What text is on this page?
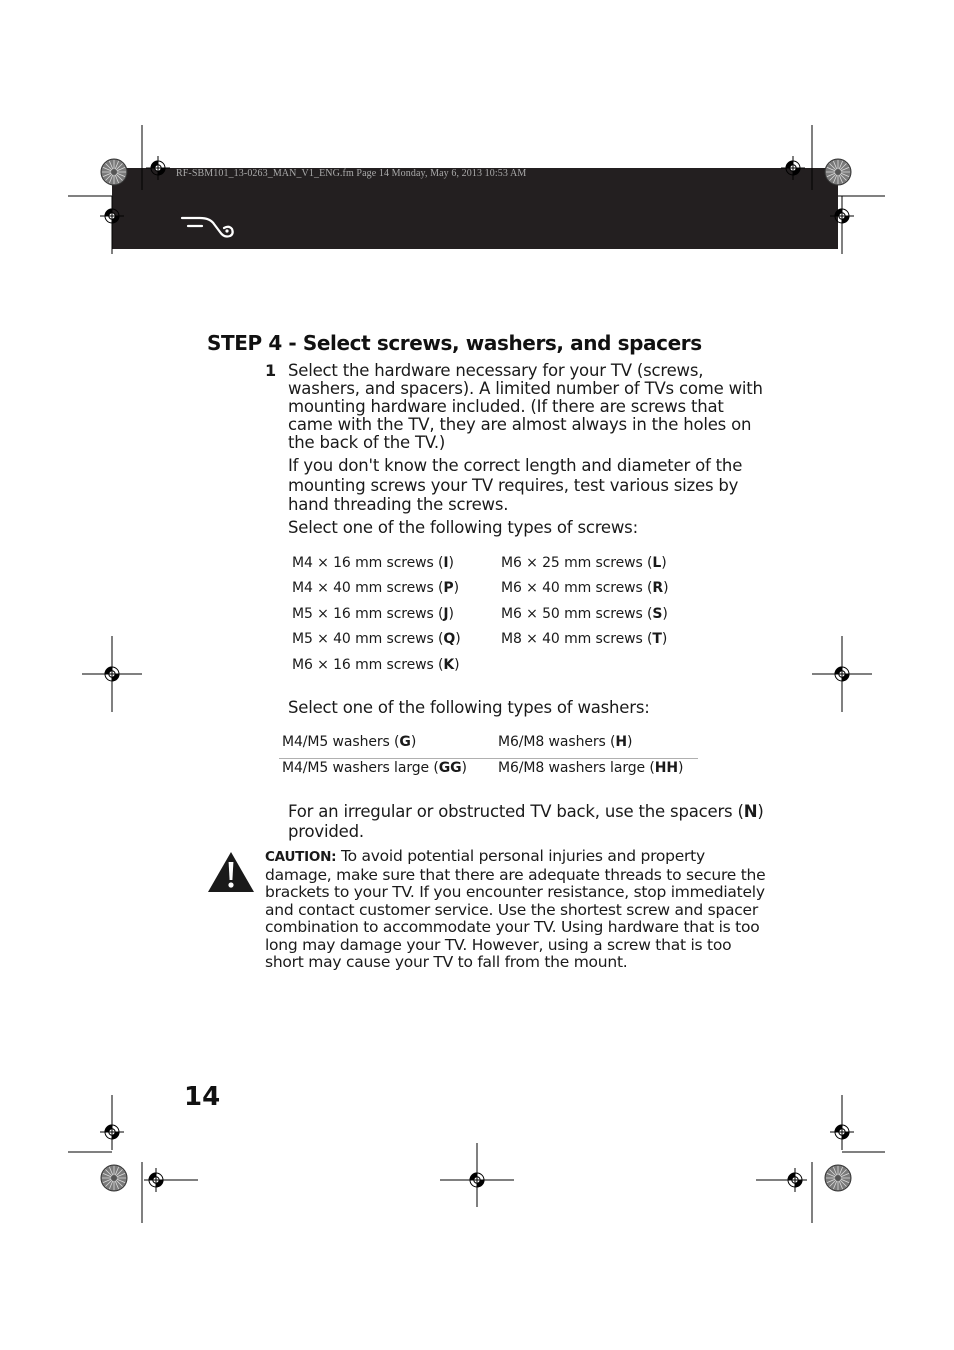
RF-SBM101_13-0263_MAN_V1_ENG.fm Page 14 Monday, May 6, 2013 10:53 AM
STEP 4 - Select screws, washers, and spacers
1 Select the hardware necessary for your TV (screws, washers, and spacers). A limited number of TVs come with mounting hardware included. (If there are screws that came with the TV, they are almost always in the holes on the back of the TV.)
If you don't know the correct length and diameter of the mounting screws your TV requires, test various sizes by hand threading the screws.
Select one of the following types of screws:
M4 × 16 mm screws (I)
M4 × 40 mm screws (P)
M5 × 16 mm screws (J)
M5 × 40 mm screws (Q)
M6 × 16 mm screws (K)
M6 × 25 mm screws (L)
M6 × 40 mm screws (R)
M6 × 50 mm screws (S)
M8 × 40 mm screws (T)
Select one of the following types of washers:
M4/M5 washers (G)	M6/M8 washers (H)
M4/M5 washers large (GG) M6/M8 washers large (HH)
For an irregular or obstructed TV back, use the spacers (N) provided.
CAUTION: To avoid potential personal injuries and property damage, make sure that there are adequate threads to secure the brackets to your TV. If you encounter resistance, stop immediately and contact customer service. Use the shortest screw and spacer combination to accommodate your TV. Using hardware that is too long may damage your TV. However, using a screw that is too short may cause your TV to fall from the mount.
14
